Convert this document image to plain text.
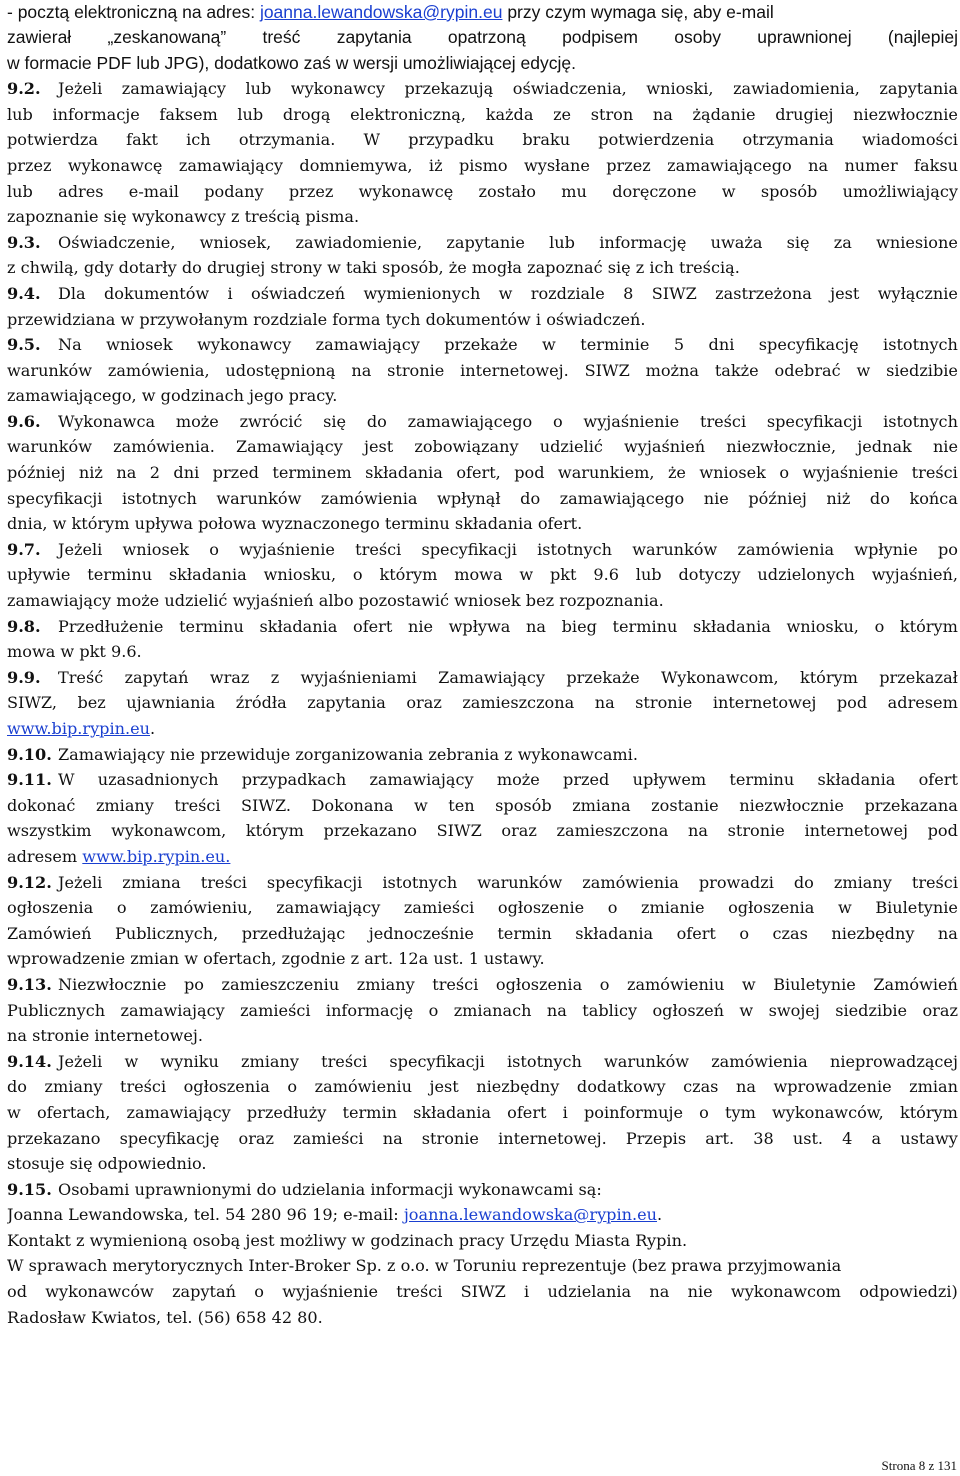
- pocztą elektroniczną na adres: joanna.lewandowska@rypin.eu przy czym wymaga się, aby e-mail
zawierał „zeskanowaną” treść zapytania opatrzoną podpisem osoby uprawnionej (najlepiej
w formacie PDF lub JPG), dodatkowo zaś w wersji umożliwiającej edycję.
9.2. Jeżeli zamawiający lub wykonawcy przekazują oświadczenia, wnioski, zawiadomienia, zapytania
lub informacje faksem lub drogą elektroniczną, każda ze stron na żądanie drugiej niezwłocznie
potwierdza fakt ich otrzymania. W przypadku braku potwierdzenia otrzymania wiadomości
przez wykonawcę zamawiający domniemywa, iż pismo wysłane przez zamawiającego na numer faksu
lub adres e-mail podany przez wykonawcę zostało mu doręczone w sposób umożliwiający
zapoznanie się wykonawcy z treścią pisma.
9.3. Oświadczenie, wniosek, zawiadomienie, zapytanie lub informację uważa się za wniesione
z chwilą, gdy dotarły do drugiej strony w taki sposób, że mogła zapoznać się z ich treścią.
9.4. Dla dokumentów i oświadczeń wymienionych w rozdziale 8 SIWZ zastrzeżona jest wyłącznie
przewidziana w przywołanym rozdziale forma tych dokumentów i oświadczeń.
9.5. Na wniosek wykonawcy zamawiający przekaże w terminie 5 dni specyfikację istotnych
warunków zamówienia, udostępnioną na stronie internetowej. SIWZ można także odebrać w siedzibie
zamawiającego, w godzinach jego pracy.
9.6. Wykonawca może zwrócić się do zamawiającego o wyjaśnienie treści specyfikacji istotnych
warunków zamówienia. Zamawiający jest zobowiązany udzielić wyjaśnień niezwłocznie, jednak nie
później niż na 2 dni przed terminem składania ofert, pod warunkiem, że wniosek o wyjaśnienie treści
specyfikacji istotnych warunków zamówienia wpłynął do zamawiającego nie później niż do końca
dnia, w którym upływa połowa wyznaczonego terminu składania ofert.
9.7. Jeżeli wniosek o wyjaśnienie treści specyfikacji istotnych warunków zamówienia wpłynie po
upływie terminu składania wniosku, o którym mowa w pkt 9.6 lub dotyczy udzielonych wyjaśnień,
zamawiający może udzielić wyjaśnień albo pozostawić wniosek bez rozpoznania.
9.8. Przedłużenie terminu składania ofert nie wpływa na bieg terminu składania wniosku, o którym
mowa w pkt 9.6.
9.9. Treść zapytań wraz z wyjaśnieniami Zamawiający przekaże Wykonawcom, którym przekazał
SIWZ, bez ujawniania źródła zapytania oraz zamieszczona na stronie internetowej pod adresem
www.bip.rypin.eu.
9.10. Zamawiający nie przewiduje zorganizowania zebrania z wykonawcami.
9.11. W uzasadnionych przypadkach zamawiający może przed upływem terminu składania ofert
dokonać zmiany treści SIWZ. Dokonana w ten sposób zmiana zostanie niezwłocznie przekazana
wszystkim wykonawcom, którym przekazano SIWZ oraz zamieszczona na stronie internetowej pod
adresem www.bip.rypin.eu.
9.12. Jeżeli zmiana treści specyfikacji istotnych warunków zamówienia prowadzi do zmiany treści
ogłoszenia o zamówieniu, zamawiający zamieści ogłoszenie o zmianie ogłoszenia w Biuletynie
Zamówień Publicznych, przedłużając jednocześnie termin składania ofert o czas niezbędny na
wprowadzenie zmian w ofertach, zgodnie z art. 12a ust. 1 ustawy.
9.13. Niezwłocznie po zamieszczeniu zmiany treści ogłoszenia o zamówieniu w Biuletynie Zamówień
Publicznych zamawiający zamieści informację o zmianach na tablicy ogłoszeń w swojej siedzibie oraz
na stronie internetowej.
9.14. Jeżeli w wyniku zmiany treści specyfikacji istotnych warunków zamówienia nieprowadzącej
do zmiany treści ogłoszenia o zamówieniu jest niezbędny dodatkowy czas na wprowadzenie zmian
w ofertach, zamawiający przedłuży termin składania ofert i poinformuje o tym wykonawców, którym
przekazano specyfikację oraz zamieści na stronie internetowej. Przepis art. 38 ust. 4 a ustawy
stosuje się odpowiednio.
9.15. Osobami uprawnionymi do udzielania informacji wykonawcami są:
Joanna Lewandowska, tel. 54 280 96 19; e-mail: joanna.lewandowska@rypin.eu.
Kontakt z wymienioną osobą jest możliwy w godzinach pracy Urzędu Miasta Rypin.
W sprawach merytorycznych Inter-Broker Sp. z o.o. w Toruniu reprezentuje (bez prawa przyjmowania
od wykonawców zapytań o wyjaśnienie treści SIWZ i udzielania na nie wykonawcom odpowiedzi)
Radosław Kwiatos, tel. (56) 658 42 80.
Strona 8 z 131
